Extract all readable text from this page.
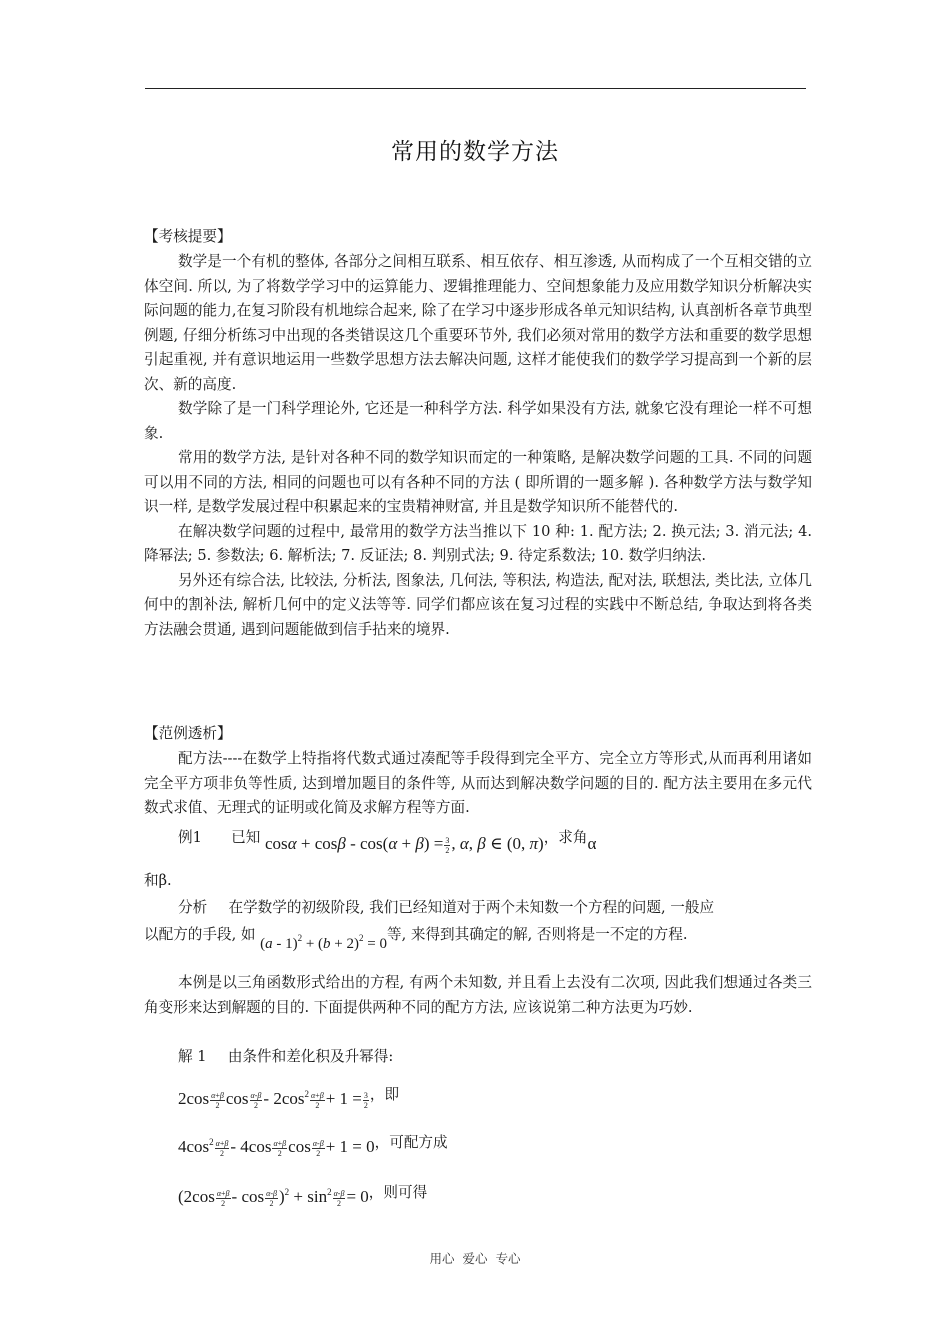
常用的数学方法
【考核提要】

数学是一个有机的整体, 各部分之间相互联系、相互依存、相互渗透, 从而构成了一个互相交错的立体空间. 所以, 为了将数学学习中的运算能力、逻辑推理能力、空间想象能力及应用数学知识分析解决实际问题的能力,在复习阶段有机地综合起来, 除了在学习中逐步形成各单元知识结构, 认真剖析各章节典型例题, 仔细分析练习中出现的各类错误这几个重要环节外, 我们必须对常用的数学方法和重要的数学思想引起重视, 并有意识地运用一些数学思想方法去解决问题, 这样才能使我们的数学学习提高到一个新的层次、新的高度.

数学除了是一门科学理论外, 它还是一种科学方法. 科学如果没有方法, 就象它没有理论一样不可想象.

常用的数学方法, 是针对各种不同的数学知识而定的一种策略, 是解决数学问题的工具. 不同的问题可以用不同的方法, 相同的问题也可以有各种不同的方法 ( 即所谓的一题多解 ). 各种数学方法与数学知识一样, 是数学发展过程中积累起来的宝贵精神财富, 并且是数学知识所不能替代的.

在解决数学问题的过程中, 最常用的数学方法当推以下 10 种: 1. 配方法; 2. 换元法; 3. 消元法; 4. 降幂法; 5. 参数法; 6. 解析法; 7. 反证法; 8. 判别式法; 9. 待定系数法; 10. 数学归纳法.

另外还有综合法, 比较法, 分析法, 图象法, 几何法, 等积法, 构造法, 配对法, 联想法, 类比法, 立体几何中的割补法, 解析几何中的定义法等等. 同学们都应该在复习过程的实践中不断总结, 争取达到将各类方法融会贯通, 遇到问题能做到信手拈来的境界.

【范例透析】

配方法----在数学上特指将代数式通过凑配等手段得到完全平方、完全立方等形式,从而再利用诸如完全平方项非负等性质, 达到增加题目的条件等, 从而达到解决数学问题的目的. 配方法主要用在多元代数式求值、无理式的证明或化简及求解方程等方面.

例1 已知 $\cos\alpha + \cos\beta - \cos(\alpha + \beta) = \frac{3}{2}$ , α, β ∈ (0, π)，求角α
和β.
分析 在学数学的初级阶段, 我们已经知道对于两个未知数一个方程的问题, 一般应
以配方的手段, 如 $(a - 1)^2 + (b + 2)^2 = 0$等, 来得到其确定的解, 否则将是一不定的方程.

本例是以三角函数形式给出的方程, 有两个未知数, 并且看上去没有二次项, 因此我们想通过各类三角变形来达到解题的目的. 下面提供两种不同的配方方法, 应该说第二种方法更为巧妙.

解 1 由条件和差化积及升幂得:
$2\cos \frac{\alpha+\beta}{2}$ $\cos \frac{\alpha-\beta}{2} - 2\cos^2 \frac{\alpha+\beta}{2} + 1 = \frac{3}{2}$ ，即
$4\cos^2 \frac{\alpha+\beta}{2} - 4\cos \frac{\alpha+\beta}{2}$ $\cos \frac{\alpha-\beta}{2} + 1 = 0$，可配方成
$(2\cos \frac{\alpha+\beta}{2} - \cos \frac{\alpha-\beta}{2} )^2 + \sin^2 \frac{\alpha-\beta}{2} = 0$，则可得
用心 爱心 专心
